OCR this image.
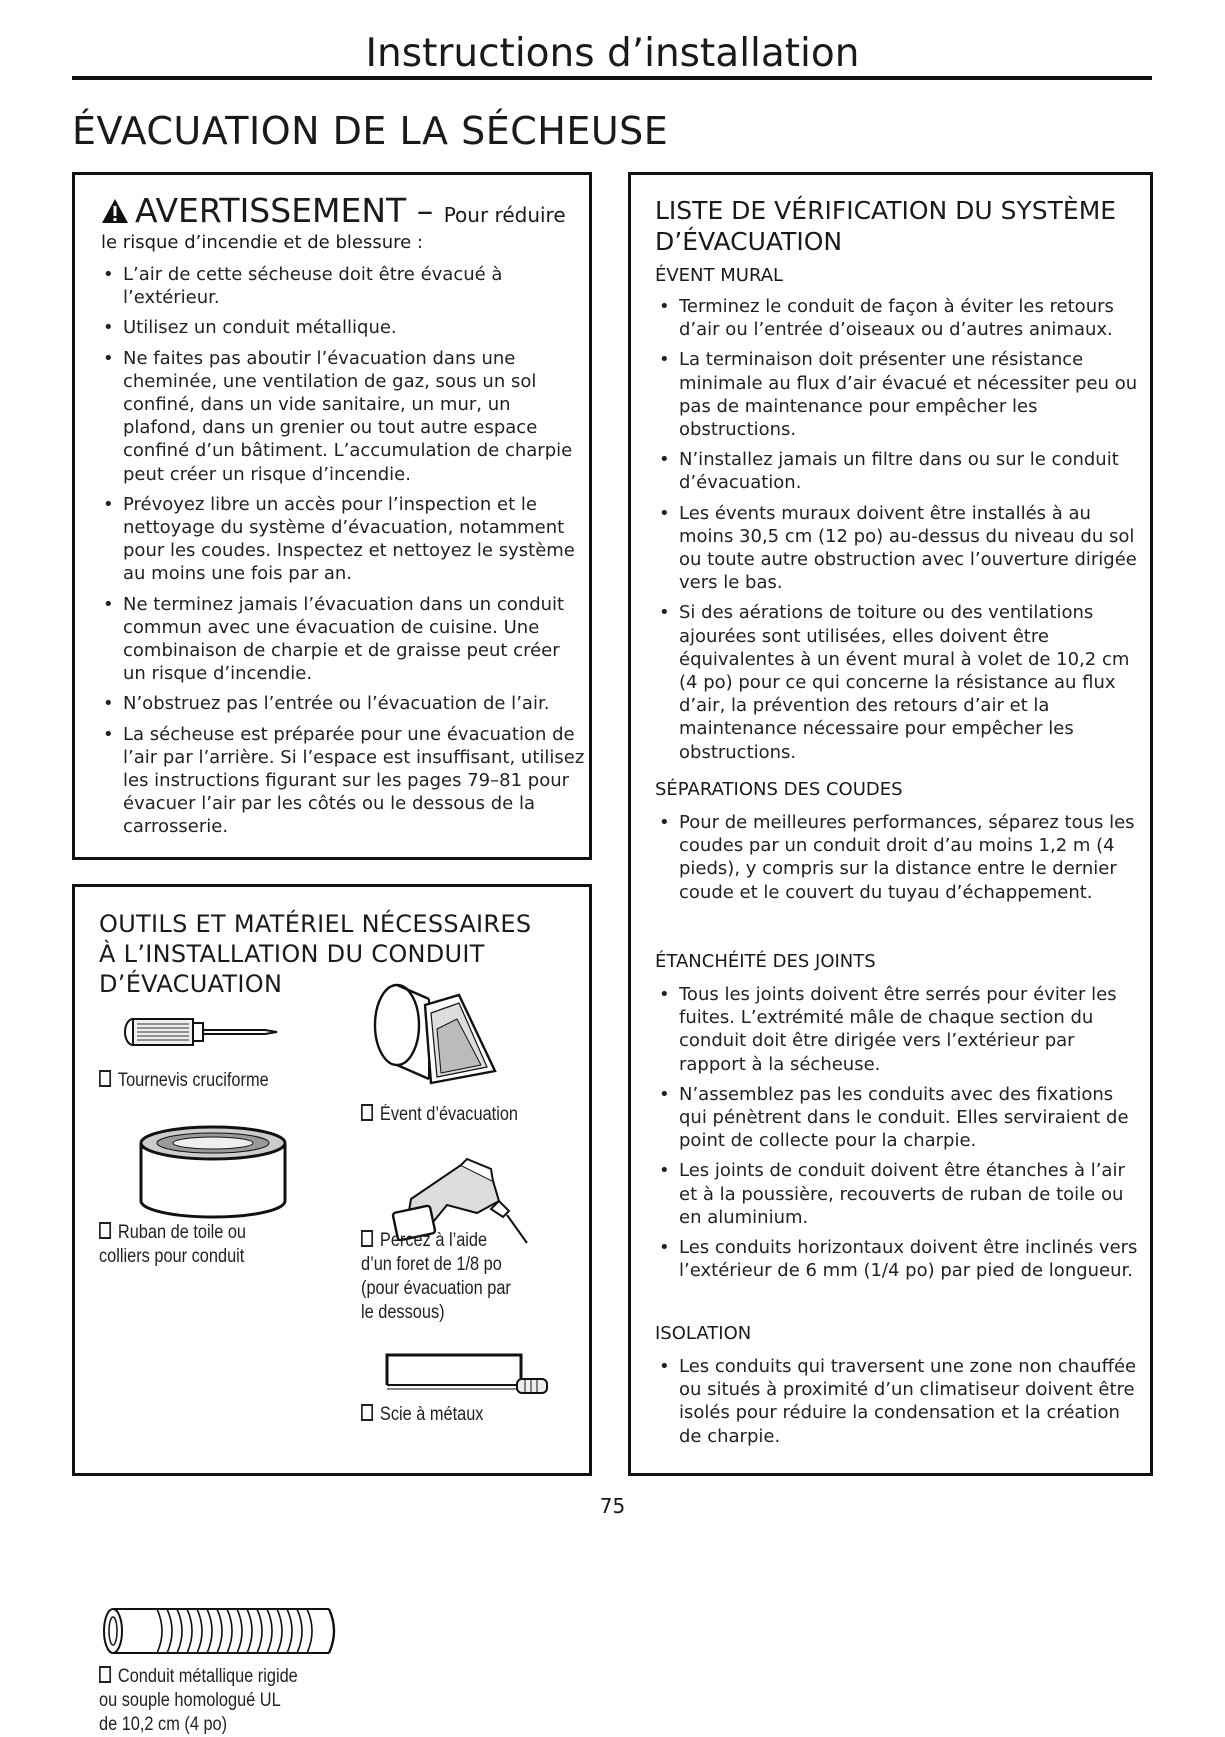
Instructions d’installation
ÉVACUATION DE LA SÉCHEUSE
AVERTISSEMENT – Pour réduire
le risque d’incendie et de blessure :
• L’air de cette sécheuse doit être évacué à l’extérieur.
• Utilisez un conduit métallique.
• Ne faites pas aboutir l’évacuation dans une cheminée, une ventilation de gaz, sous un sol confiné, dans un vide sanitaire, un mur, un plafond, dans un grenier ou tout autre espace confiné d’un bâtiment. L’accumulation de charpie peut créer un risque d’incendie.
• Prévoyez libre un accès pour l’inspection et le nettoyage du système d’évacuation, notamment pour les coudes. Inspectez et nettoyez le système au moins une fois par an.
• Ne terminez jamais l’évacuation dans un conduit commun avec une évacuation de cuisine. Une combinaison de charpie et de graisse peut créer un risque d’incendie.
• N’obstruez pas l’entrée ou l’évacuation de l’air.
• La sécheuse est préparée pour une évacuation de l’air par l’arrière. Si l’espace est insuffisant, utilisez les instructions figurant sur les pages 79–81 pour évacuer l’air par les côtés ou le dessous de la carrosserie.
OUTILS ET MATÉRIEL NÉCESSAIRES
À L’INSTALLATION DU CONDUIT
D’ÉVACUATION
Tournevis cruciforme
Ruban de toile ou
colliers pour conduit
Conduit métallique rigide
ou souple homologué UL
de 10,2 cm (4 po)
Évent d’évacuation
Percez à l’aide
d’un foret de 1/8 po
(pour évacuation par
le dessous)
Scie à métaux
LISTE DE VÉRIFICATION DU SYSTÈME D’ÉVACUATION
ÉVENT MURAL
• Terminez le conduit de façon à éviter les retours d’air ou l’entrée d’oiseaux ou d’autres animaux.
• La terminaison doit présenter une résistance minimale au flux d’air évacué et nécessiter peu ou pas de maintenance pour empêcher les obstructions.
• N’installez jamais un filtre dans ou sur le conduit d’évacuation.
• Les évents muraux doivent être installés à au moins 30,5 cm (12 po) au-dessus du niveau du sol ou toute autre obstruction avec l’ouverture dirigée vers le bas.
• Si des aérations de toiture ou des ventilations ajourées sont utilisées, elles doivent être équivalentes à un évent mural à volet de 10,2 cm (4 po) pour ce qui concerne la résistance au flux d’air, la prévention des retours d’air et la maintenance nécessaire pour empêcher les obstructions.
SÉPARATIONS DES COUDES
• Pour de meilleures performances, séparez tous les coudes par un conduit droit d’au moins 1,2 m (4 pieds), y compris sur la distance entre le dernier coude et le couvert du tuyau d’échappement.
ÉTANCHÉITÉ DES JOINTS
• Tous les joints doivent être serrés pour éviter les fuites. L’extrémité mâle de chaque section du conduit doit être dirigée vers l’extérieur par rapport à la sécheuse.
• N’assemblez pas les conduits avec des fixations qui pénètrent dans le conduit. Elles serviraient de point de collecte pour la charpie.
• Les joints de conduit doivent être étanches à l’air et à la poussière, recouverts de ruban de toile ou en aluminium.
• Les conduits horizontaux doivent être inclinés vers l’extérieur de 6 mm (1/4 po) par pied de longueur.
ISOLATION
• Les conduits qui traversent une zone non chauffée ou situés à proximité d’un climatiseur doivent être isolés pour réduire la condensation et la création de charpie.
75
